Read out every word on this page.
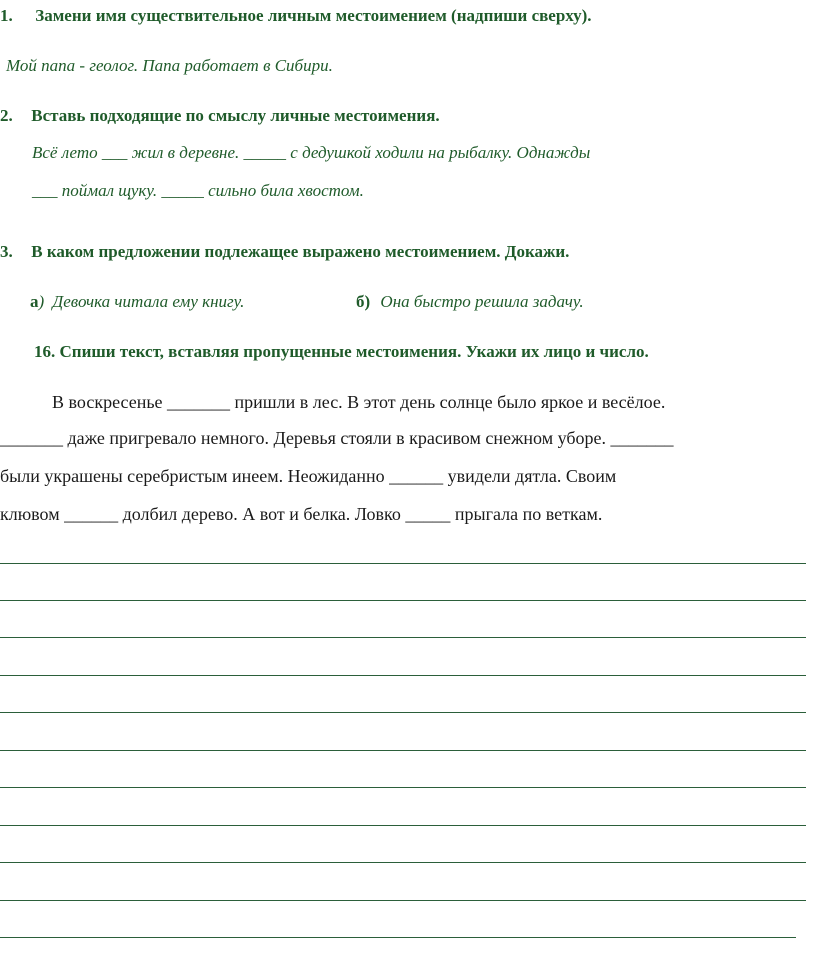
1. Замени имя существительное личным местоимением (надпиши сверху).
Мой папа - геолог. Папа работает в Сибири.
2. Вставь подходящие по смыслу личные местоимения.
Всё лето ___ жил в деревне. _____ с дедушкой ходили на рыбалку. Однажды
___ поймал щуку. _____ сильно била хвостом.
3. В каком предложении подлежащее выражено местоимением. Докажи.
а) Девочка читала ему книгу.	б) Она быстро решила задачу.
16. Спиши текст, вставляя пропущенные местоимения. Укажи их лицо и число.
В воскресенье _______ пришли в лес. В этот день солнце было яркое и весёлое.
_______ даже пригревало немного. Деревья стояли в красивом снежном уборе. _______
были украшены серебристым инеем. Неожиданно ______ увидели дятла. Своим
клювом ______ долбил дерево. А вот и белка. Ловко _____ прыгала по веткам.
